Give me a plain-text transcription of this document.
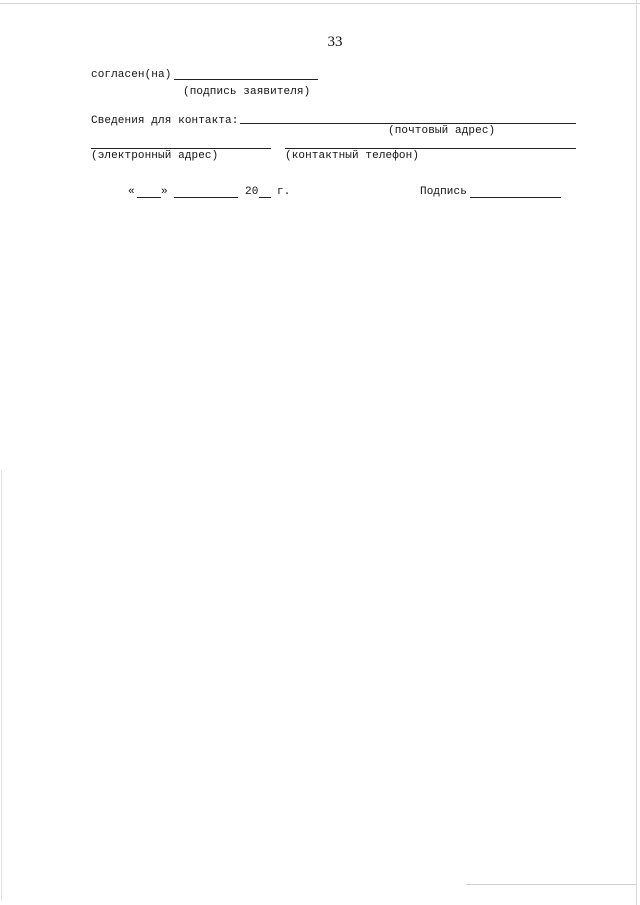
33
согласен(на)
(подпись заявителя)
Сведения для контакта:
(почтовый адрес)
(электронный адрес)	(контактный телефон)
« »	20 г.	Подпись
